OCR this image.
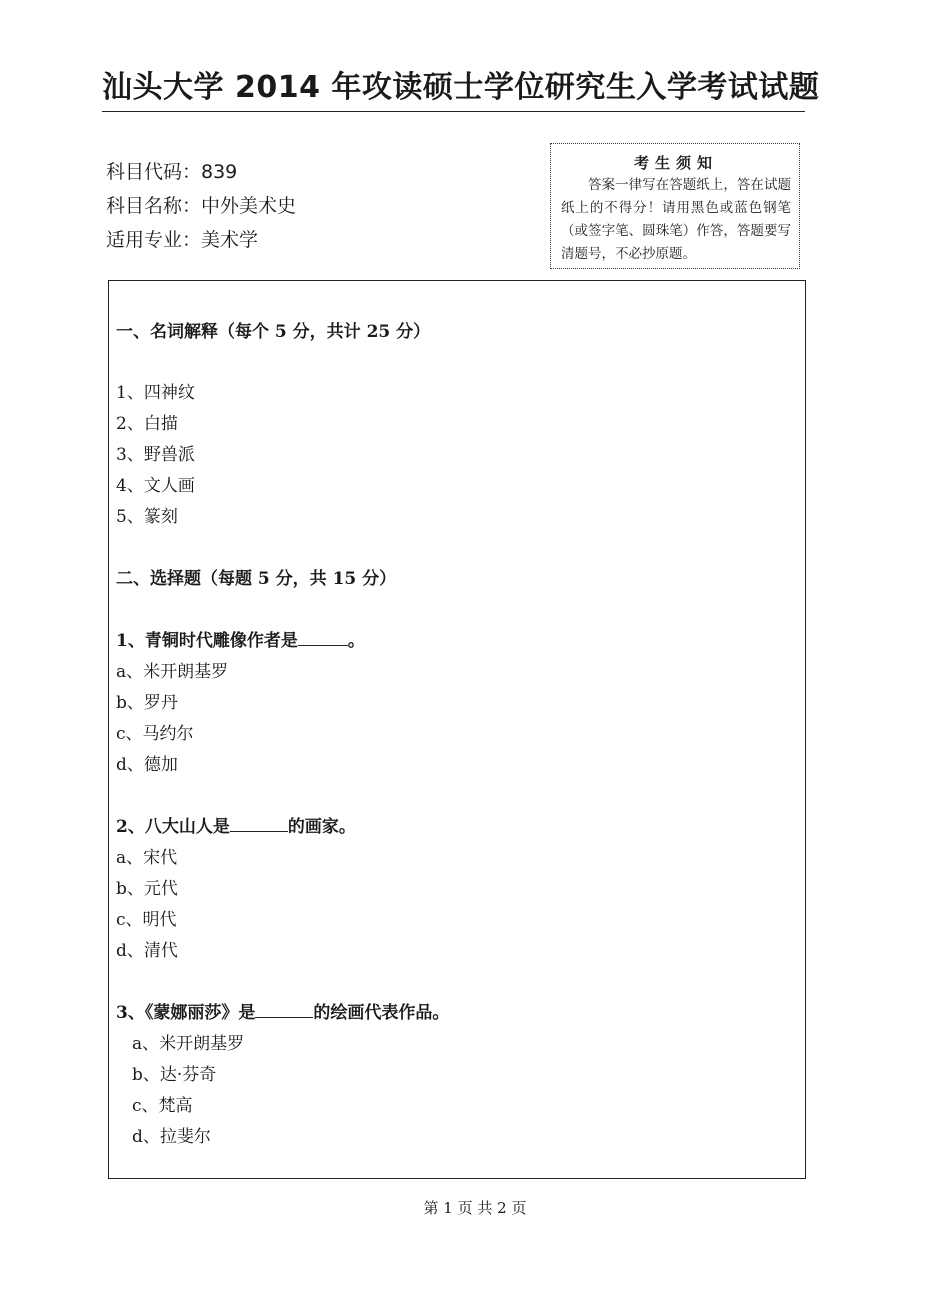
汕头大学 2014 年攻读硕士学位研究生入学考试试题
科目代码：839
科目名称：中外美术史
适用专业：美术学
考生须知
答案一律写在答题纸上，答在试题纸上的不得分！请用黑色或蓝色钢笔（或签字笔、圆珠笔）作答，答题要写清题号，不必抄原题。
一、名词解释（每个 5 分，共计 25 分）
1、四神纹
2、白描
3、野兽派
4、文人画
5、篆刻
二、选择题（每题 5 分，共 15 分）
1、青铜时代雕像作者是	。
a、米开朗基罗
b、罗丹
c、马约尔
d、德加
2、八大山人是	的画家。
a、宋代
b、元代
c、明代
d、清代
3、《蒙娜丽莎》是	的绘画代表作品。
a、米开朗基罗
b、达·芬奇
c、梵高
d、拉斐尔
第 1 页 共 2 页
